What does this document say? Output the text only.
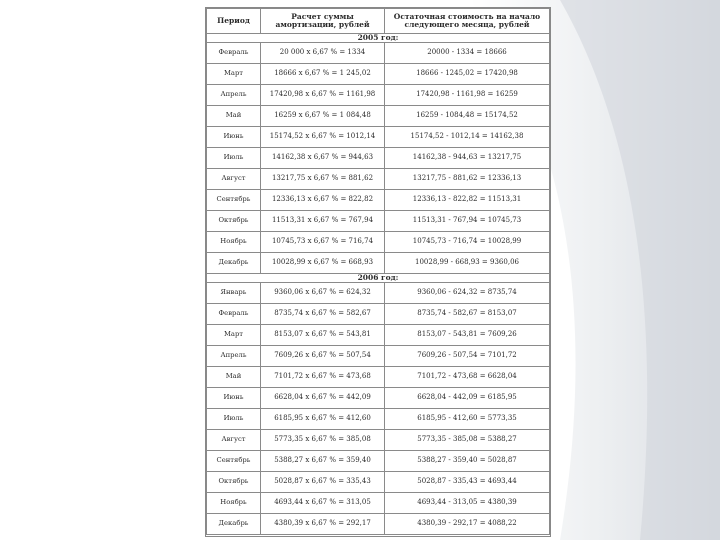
Период	Расчет суммы амортизации, рублей	Остаточная стоимость на начало следующего месяца, рублей
2005 год:		
Февраль	20 000 x 6,67 % = 1334	20000 - 1334 = 18666
Март	18666 x 6,67 % = 1 245,02	18666 - 1245,02 = 17420,98
Апрель	17420,98 x 6,67 % = 1161,98	17420,98 - 1161,98 = 16259
Май	16259 x 6,67 % = 1 084,48	16259 - 1084,48 = 15174,52
Июнь	15174,52 x 6,67 % = 1012,14	15174,52 - 1012,14 = 14162,38
Июль	14162,38 x 6,67 % = 944,63	14162,38 - 944,63 = 13217,75
Август	13217,75 x 6,67 % = 881,62	13217,75 - 881,62 = 12336,13
Сентябрь	12336,13 x 6,67 % = 822,82	12336,13 - 822,82 = 11513,31
Октябрь	11513,31 x 6,67 % = 767,94	11513,31 - 767,94 = 10745,73
Ноябрь	10745,73 x 6,67 % = 716,74	10745,73 - 716,74 = 10028,99
Декабрь	10028,99 x 6,67 % = 668,93	10028,99 - 668,93 = 9360,06
2006 год:		
Январь	9360,06 x 6,67 % = 624,32	9360,06 - 624,32 = 8735,74
Февраль	8735,74 x 6,67 % = 582,67	8735,74 - 582,67 = 8153,07
Март	8153,07 x 6,67 % = 543,81	8153,07 - 543,81 = 7609,26
Апрель	7609,26 x 6,67 % = 507,54	7609,26 - 507,54 = 7101,72
Май	7101,72 x 6,67 % = 473,68	7101,72 - 473,68 = 6628,04
Июнь	6628,04 x 6,67 % = 442,09	6628,04 - 442,09 = 6185,95
Июль	6185,95 x 6,67 % = 412,60	6185,95 - 412,60 = 5773,35
Август	5773,35 x 6,67 % = 385,08	5773,35 - 385,08 = 5388,27
Сентябрь	5388,27 x 6,67 % = 359,40	5388,27 - 359,40 = 5028,87
Октябрь	5028,87 x 6,67 % = 335,43	5028,87 - 335,43 = 4693,44
Ноябрь	4693,44 x 6,67 % = 313,05	4693,44 - 313,05 = 4380,39
Декабрь	4380,39 x 6,67 % = 292,17	4380,39 - 292,17 = 4088,22
